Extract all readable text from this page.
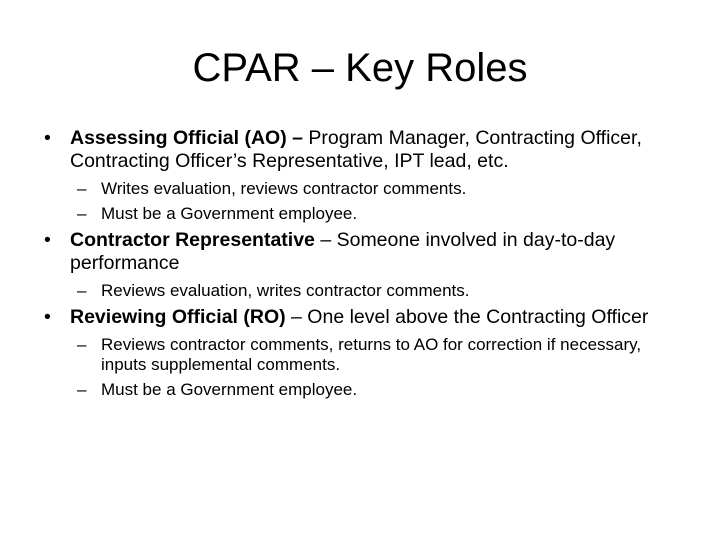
CPAR – Key Roles
• Assessing Official (AO) – Program Manager, Contracting Officer, Contracting Officer’s Representative, IPT lead, etc.
– Writes evaluation, reviews contractor comments.
– Must be a Government employee.
• Contractor Representative – Someone involved in day-to-day performance
– Reviews evaluation, writes contractor comments.
• Reviewing Official (RO) – One level above the Contracting Officer
– Reviews contractor comments, returns to AO for correction if necessary, inputs supplemental comments.
– Must be a Government employee.
